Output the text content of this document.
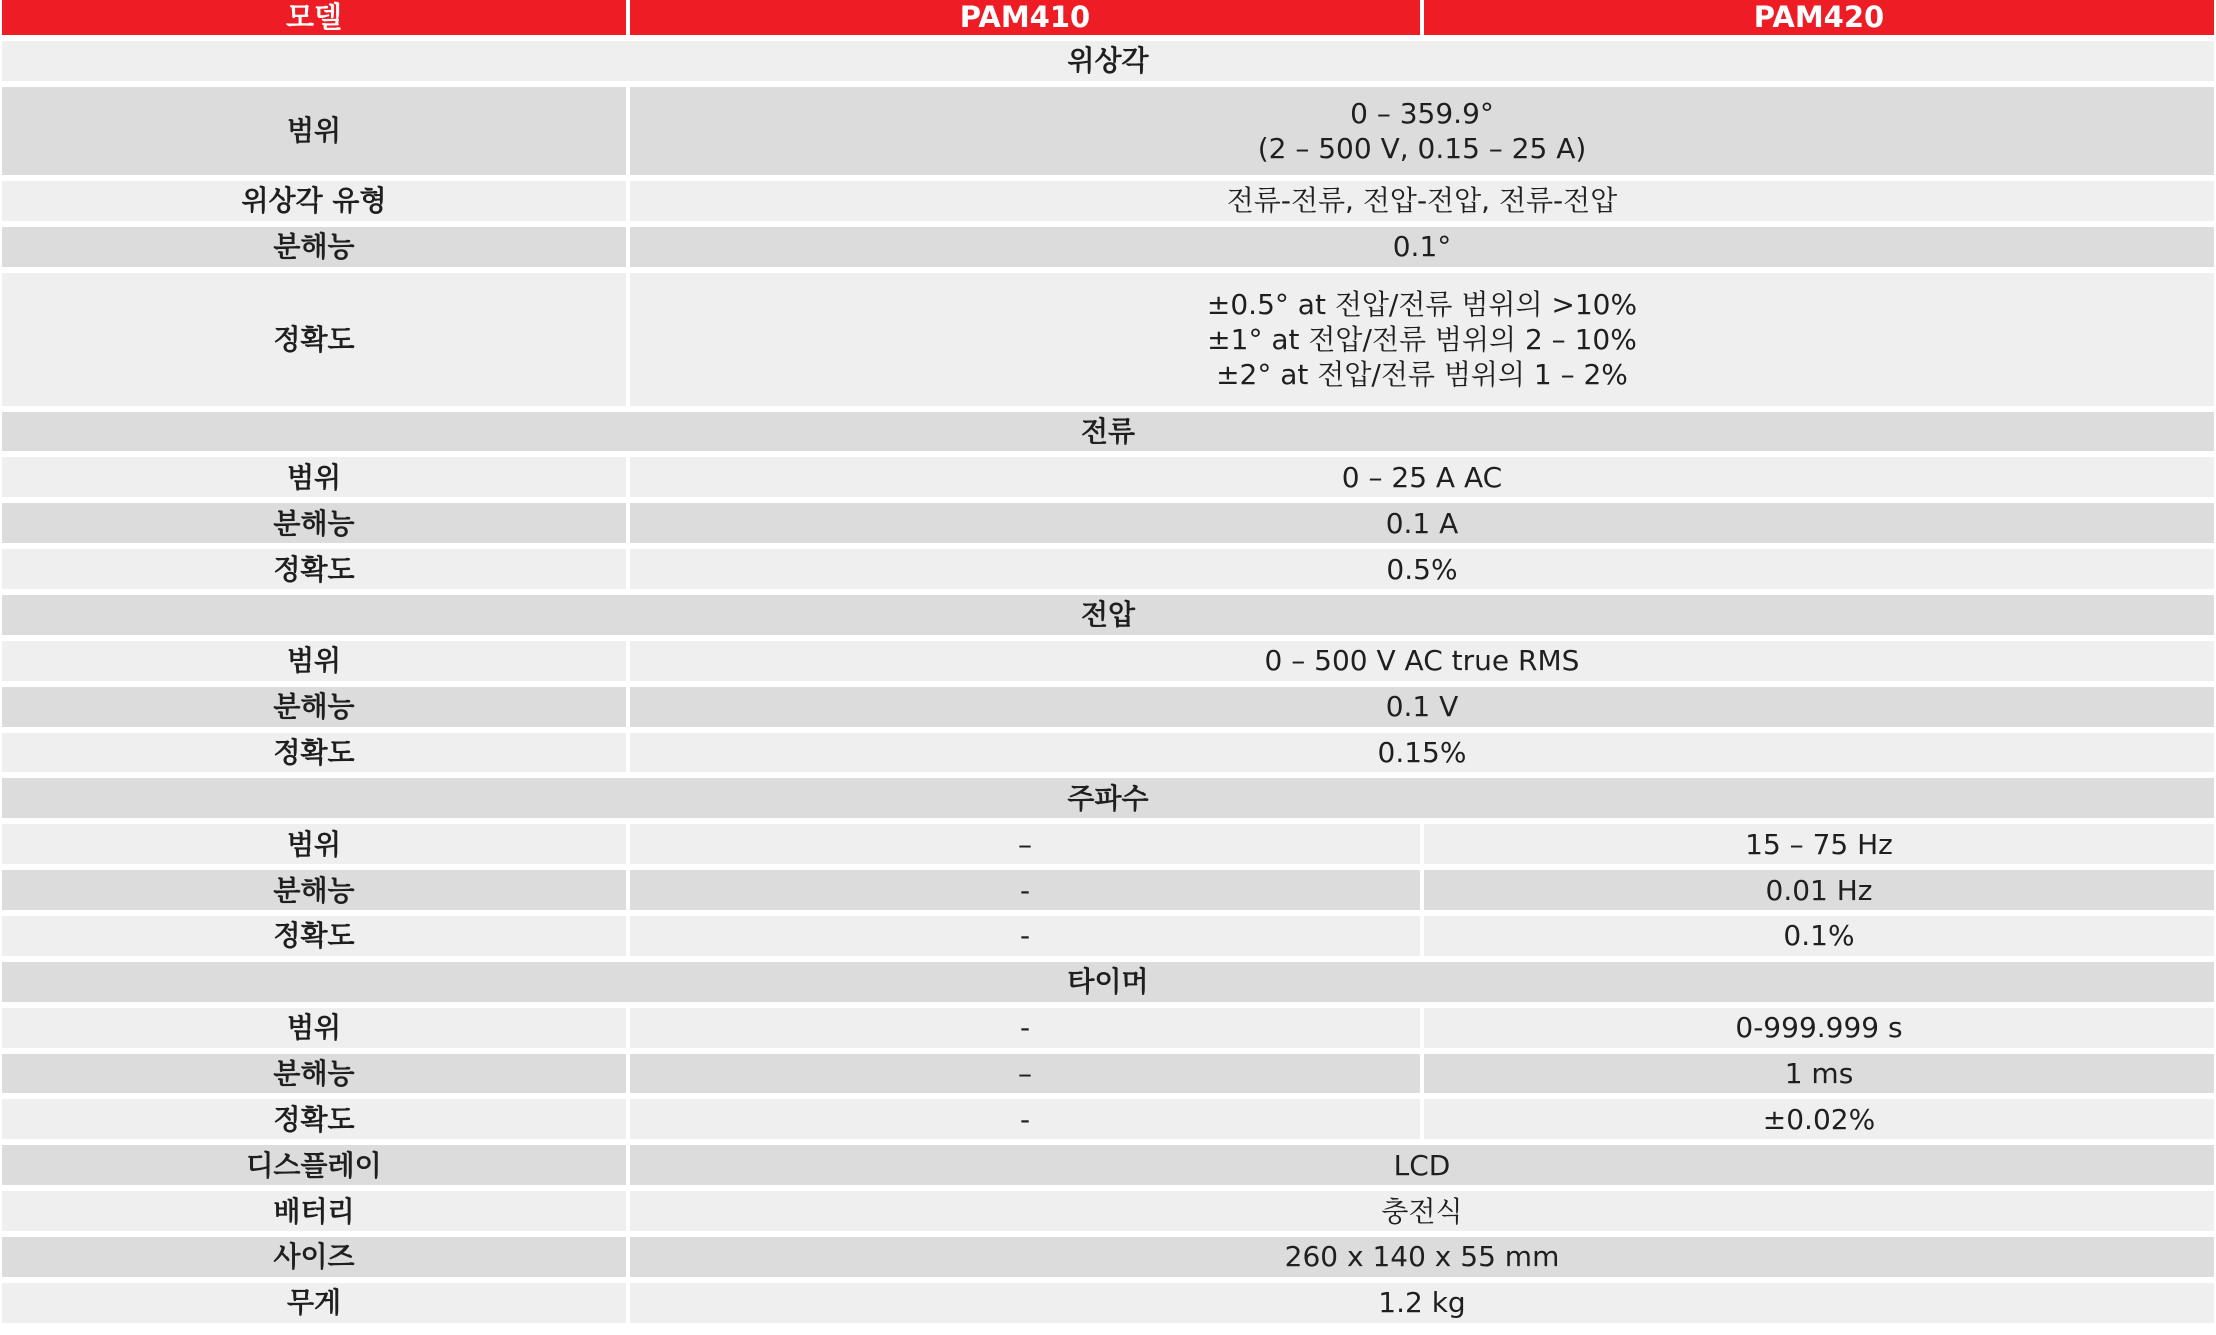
모델	PAM410	PAM420
위상각		
범위	0 – 359.9°
(2 – 500 V, 0.15 – 25 A)	
위상각 유형	전류-전류, 전압-전압, 전류-전압	
분해능	0.1°	
정확도	±0.5° at 전압/전류 범위의 >10%
±1° at 전압/전류 범위의 2 – 10%
±2° at 전압/전류 범위의 1 – 2%	
전류		
범위	0 – 25 A AC	
분해능	0.1 A	
정확도	0.5%	
전압		
범위	0 – 500 V AC true RMS	
분해능	0.1 V	
정확도	0.15%	
주파수		
범위	–	15 – 75 Hz
분해능	-	0.01 Hz
정확도	-	0.1%
타이머		
범위	-	0-999.999 s
분해능	–	1 ms
정확도	-	±0.02%
디스플레이	LCD	
배터리	충전식	
사이즈	260 x 140 x 55 mm	
무게	1.2 kg	
